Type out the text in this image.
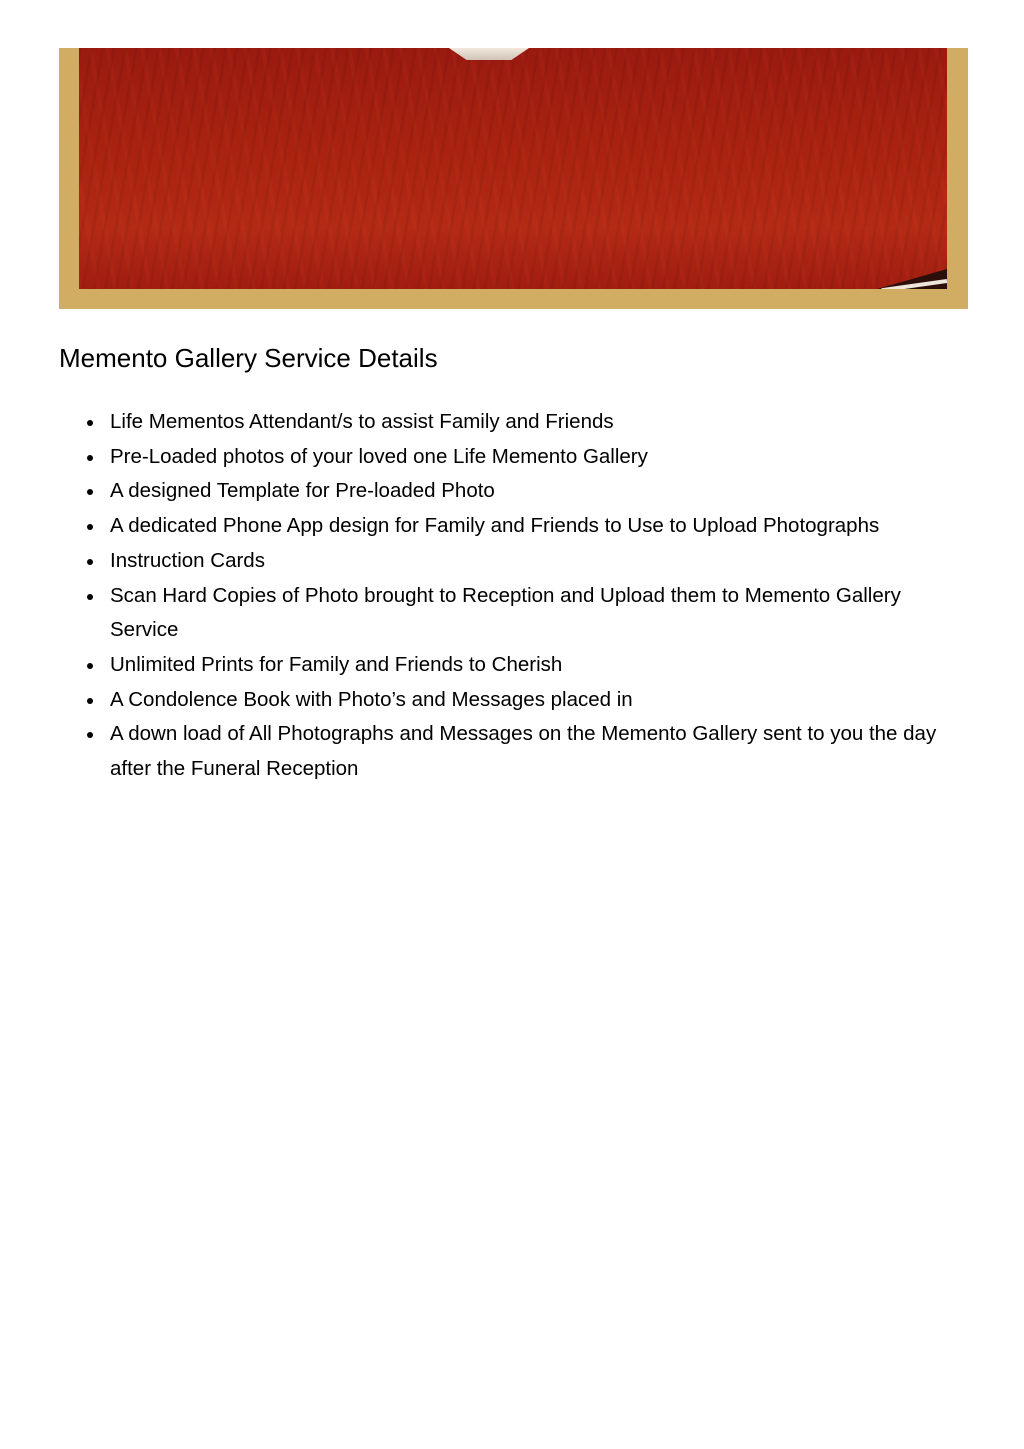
Memento Gallery Service Details
Life Mementos Attendant/s to assist Family and Friends
Pre-Loaded photos of your loved one Life Memento Gallery
A designed Template for Pre-loaded Photo
A dedicated Phone App design for Family and Friends to Use to Upload Photographs
Instruction Cards
Scan Hard Copies of Photo brought to Reception and Upload them to Memento Gallery Service
Unlimited Prints for Family and Friends to Cherish
A Condolence Book with Photo’s and Messages placed in
A down load of All Photographs and Messages on the Memento Gallery sent to you the day after the Funeral Reception
